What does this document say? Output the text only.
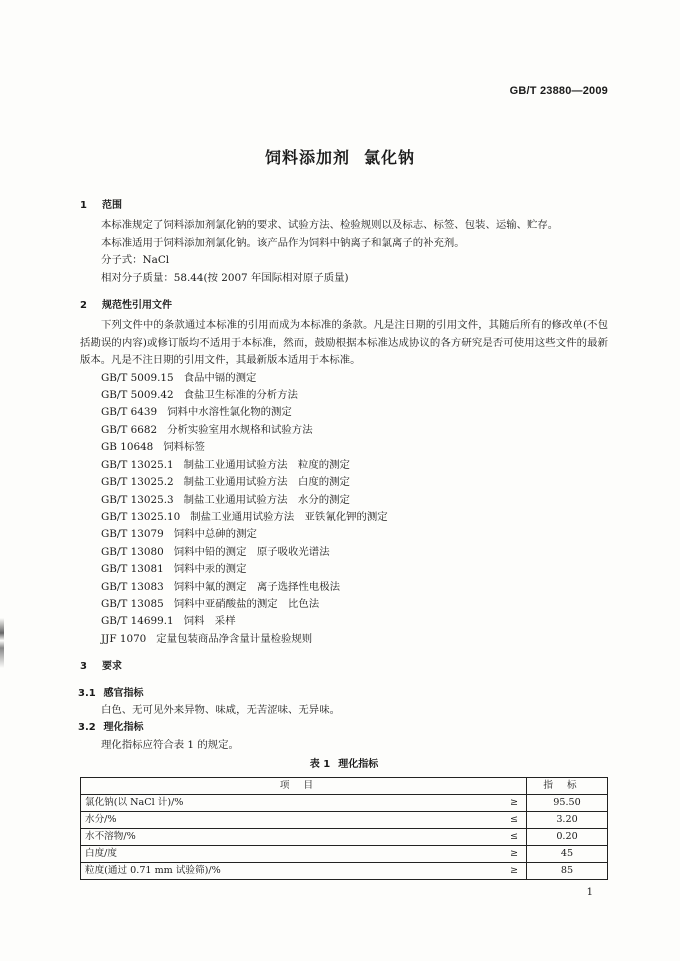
GB/T 23880—2009
饲料添加剂 氯化钠
1 范围
本标准规定了饲料添加剂氯化钠的要求、试验方法、检验规则以及标志、标签、包装、运输、贮存。
本标准适用于饲料添加剂氯化钠。该产品作为饲料中钠离子和氯离子的补充剂。
分子式：NaCl
相对分子质量：58.44(按 2007 年国际相对原子质量)
2 规范性引用文件
下列文件中的条款通过本标准的引用而成为本标准的条款。凡是注日期的引用文件，其随后所有的修改单(不包括勘误的内容)或修订版均不适用于本标准，然而，鼓励根据本标准达成协议的各方研究是否可使用这些文件的最新版本。凡是不注日期的引用文件，其最新版本适用于本标准。
GB/T 5009.15 食品中镉的测定
GB/T 5009.42 食盐卫生标准的分析方法
GB/T 6439 饲料中水溶性氯化物的测定
GB/T 6682 分析实验室用水规格和试验方法
GB 10648 饲料标签
GB/T 13025.1 制盐工业通用试验方法　粒度的测定
GB/T 13025.2 制盐工业通用试验方法　白度的测定
GB/T 13025.3 制盐工业通用试验方法　水分的测定
GB/T 13025.10 制盐工业通用试验方法　亚铁氰化钾的测定
GB/T 13079 饲料中总砷的测定
GB/T 13080 饲料中铅的测定　原子吸收光谱法
GB/T 13081 饲料中汞的测定
GB/T 13083 饲料中氟的测定　离子选择性电极法
GB/T 13085 饲料中亚硝酸盐的测定　比色法
GB/T 14699.1 饲料　采样
JJF 1070 定量包装商品净含量计量检验规则
3 要求
3.1 感官指标
白色、无可见外来异物、味咸，无苦涩味、无异味。
3.2 理化指标
理化指标应符合表 1 的规定。
表 1 理化指标
项目		指标
氯化钠(以 NaCl 计)/%	≥	95.50
水分/%	≤	3.20
水不溶物/%	≤	0.20
白度/度	≥	45
粒度(通过 0.71 mm 试验筛)/%	≥	85
1
